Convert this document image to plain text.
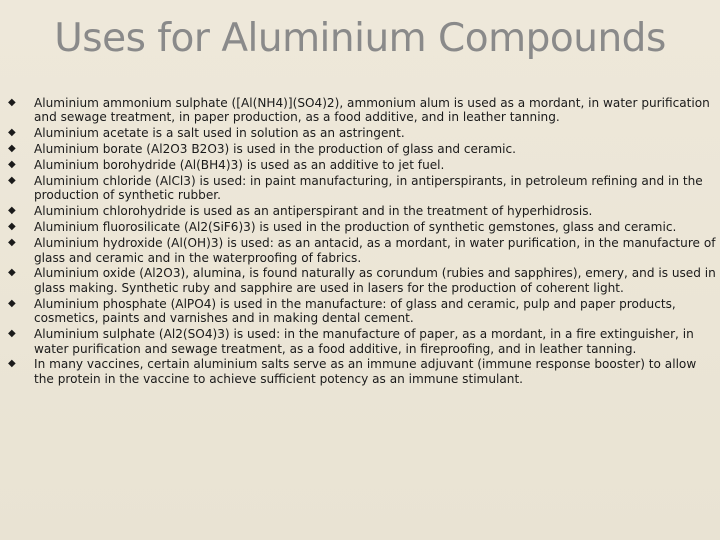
Uses for Aluminium Compounds
◆ Aluminium ammonium sulphate ([Al(NH4)](SO4)2), ammonium alum is used as a mordant, in water purification and sewage treatment, in paper production, as a food additive, and in leather tanning.
◆ Aluminium acetate is a salt used in solution as an astringent.
◆ Aluminium borate (Al2O3 B2O3) is used in the production of glass and ceramic.
◆ Aluminium borohydride (Al(BH4)3) is used as an additive to jet fuel.
◆ Aluminium chloride (AlCl3) is used: in paint manufacturing, in antiperspirants, in petroleum refining and in the production of synthetic rubber.
◆ Aluminium chlorohydride is used as an antiperspirant and in the treatment of hyperhidrosis.
◆ Aluminium fluorosilicate (Al2(SiF6)3) is used in the production of synthetic gemstones, glass and ceramic.
◆ Aluminium hydroxide (Al(OH)3) is used: as an antacid, as a mordant, in water purification, in the manufacture of glass and ceramic and in the waterproofing of fabrics.
◆ Aluminium oxide (Al2O3), alumina, is found naturally as corundum (rubies and sapphires), emery, and is used in glass making. Synthetic ruby and sapphire are used in lasers for the production of coherent light.
◆ Aluminium phosphate (AlPO4) is used in the manufacture: of glass and ceramic, pulp and paper products, cosmetics, paints and varnishes and in making dental cement.
◆ Aluminium sulphate (Al2(SO4)3) is used: in the manufacture of paper, as a mordant, in a fire extinguisher, in water purification and sewage treatment, as a food additive, in fireproofing, and in leather tanning.
◆ In many vaccines, certain aluminium salts serve as an immune adjuvant (immune response booster) to allow the protein in the vaccine to achieve sufficient potency as an immune stimulant.
